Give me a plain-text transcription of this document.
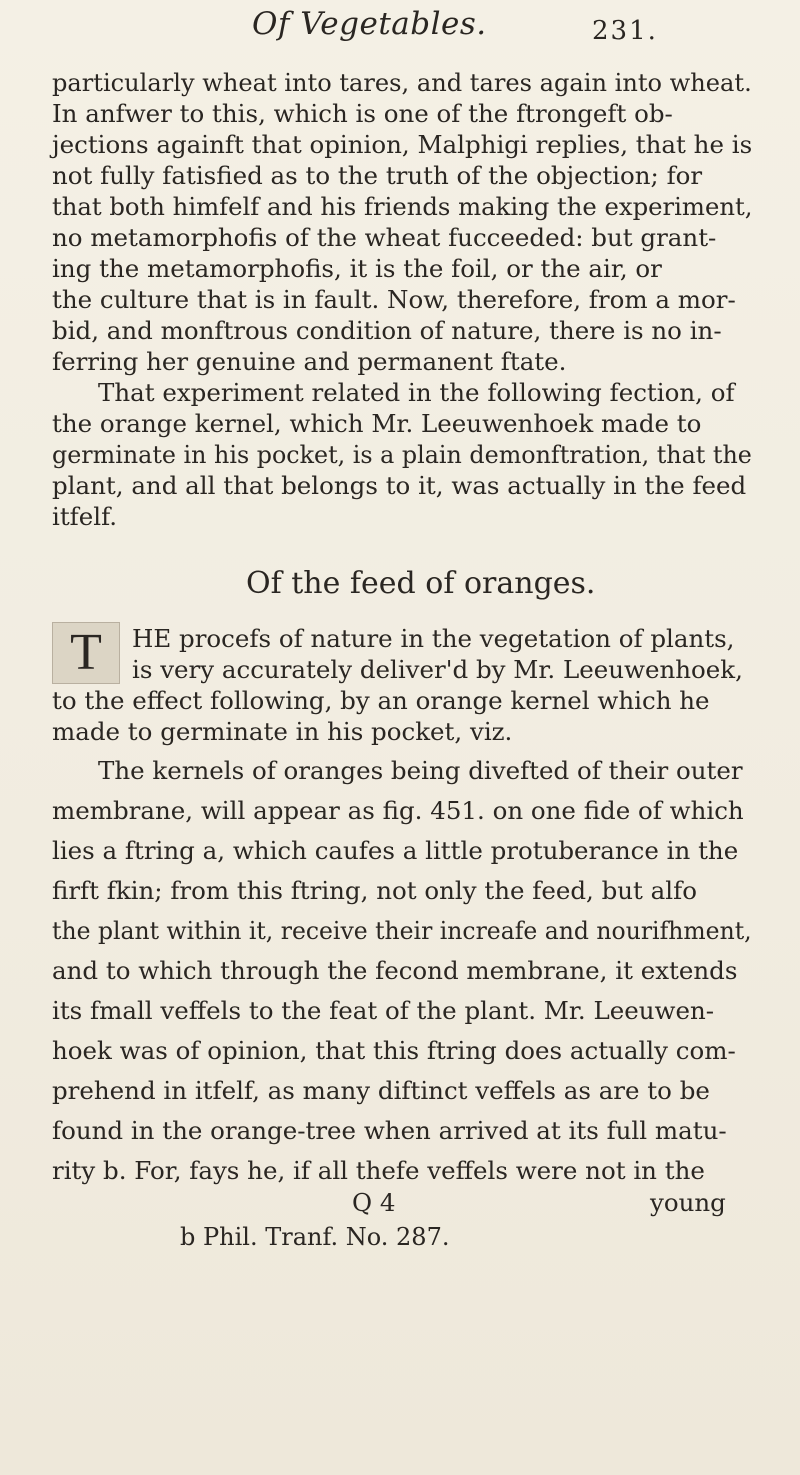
Of Vegetables.	231.
particularly wheat into tares, and tares again into wheat.
In anfwer to this, which is one of the ftrongeft ob-
jections againft that opinion, Malphigi replies, that he is
not fully fatisfied as to the truth of the objection; for
that both himfelf and his friends making the experiment,
no metamorphofis of the wheat fucceeded: but grant-
ing the metamorphofis, it is the foil, or the air, or
the culture that is in fault. Now, therefore, from a mor-
bid, and monftrous condition of nature, there is no in-
ferring her genuine and permanent ftate.
That experiment related in the following fection, of
the orange kernel, which Mr. Leeuwenhoek made to
germinate in his pocket, is a plain demonftration, that the
plant, and all that belongs to it, was actually in the feed
itfelf.
Of the feed of oranges.
T	HE procefs of nature in the vegetation of plants,
is very accurately deliver'd by Mr. Leeuwenhoek,
to the effect following, by an orange kernel which he
made to germinate in his pocket, viz.
The kernels of oranges being divefted of their outer
membrane, will appear as fig. 451. on one fide of which
lies a ftring a, which caufes a little protuberance in the
firft fkin; from this ftring, not only the feed, but alfo
the plant within it, receive their increafe and nourifhment,
and to which through the fecond membrane, it extends
its fmall veffels to the feat of the plant. Mr. Leeuwen-
hoek was of opinion, that this ftring does actually com-
prehend in itfelf, as many diftinct veffels as are to be
found in the orange-tree when arrived at its full matu-
rity b. For, fays he, if all thefe veffels were not in the
Q 4	young
b Phil. Tranf. No. 287.
